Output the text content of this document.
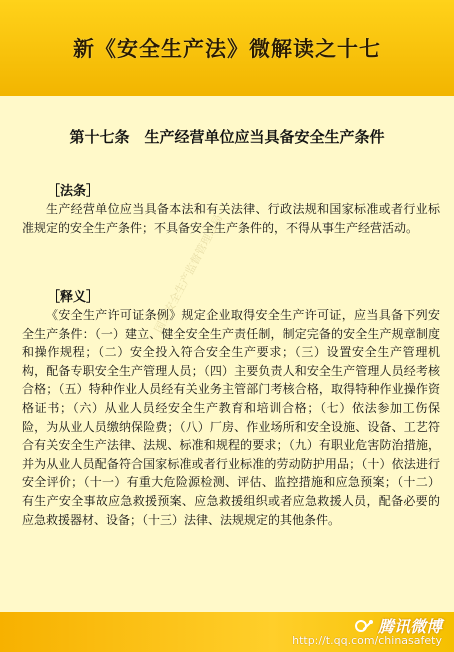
新《安全生产法》微解读之十七
第十七条　生产经营单位应当具备安全生产条件
［法条］
生产经营单位应当具备本法和有关法律、行政法规和国家标准或者行业标准规定的安全生产条件；不具备安全生产条件的，不得从事生产经营活动。
［释义］
《安全生产许可证条例》规定企业取得安全生产许可证，应当具备下列安全生产条件：（一）建立、健全安全生产责任制，制定完备的安全生产规章制度和操作规程；（二）安全投入符合安全生产要求；（三）设置安全生产管理机构，配备专职安全生产管理人员；（四）主要负责人和安全生产管理人员经考核合格；（五）特种作业人员经有关业务主管部门考核合格，取得特种作业操作资格证书；（六）从业人员经安全生产教育和培训合格；（七）依法参加工伤保险，为从业人员缴纳保险费；（八）厂房、作业场所和安全设施、设备、工艺符合有关安全生产法律、法规、标准和规程的要求；（九）有职业危害防治措施，并为从业人员配备符合国家标准或者行业标准的劳动防护用品；（十）依法进行安全评价；（十一）有重大危险源检测、评估、监控措施和应急预案；（十二）有生产安全事故应急救援预案、应急救援组织或者应急救援人员，配备必要的应急救援器材、设备；（十三）法律、法规规定的其他条件。
国家安全生产监督管理总局
腾讯微博
http://t.qq.com/chinasafety
